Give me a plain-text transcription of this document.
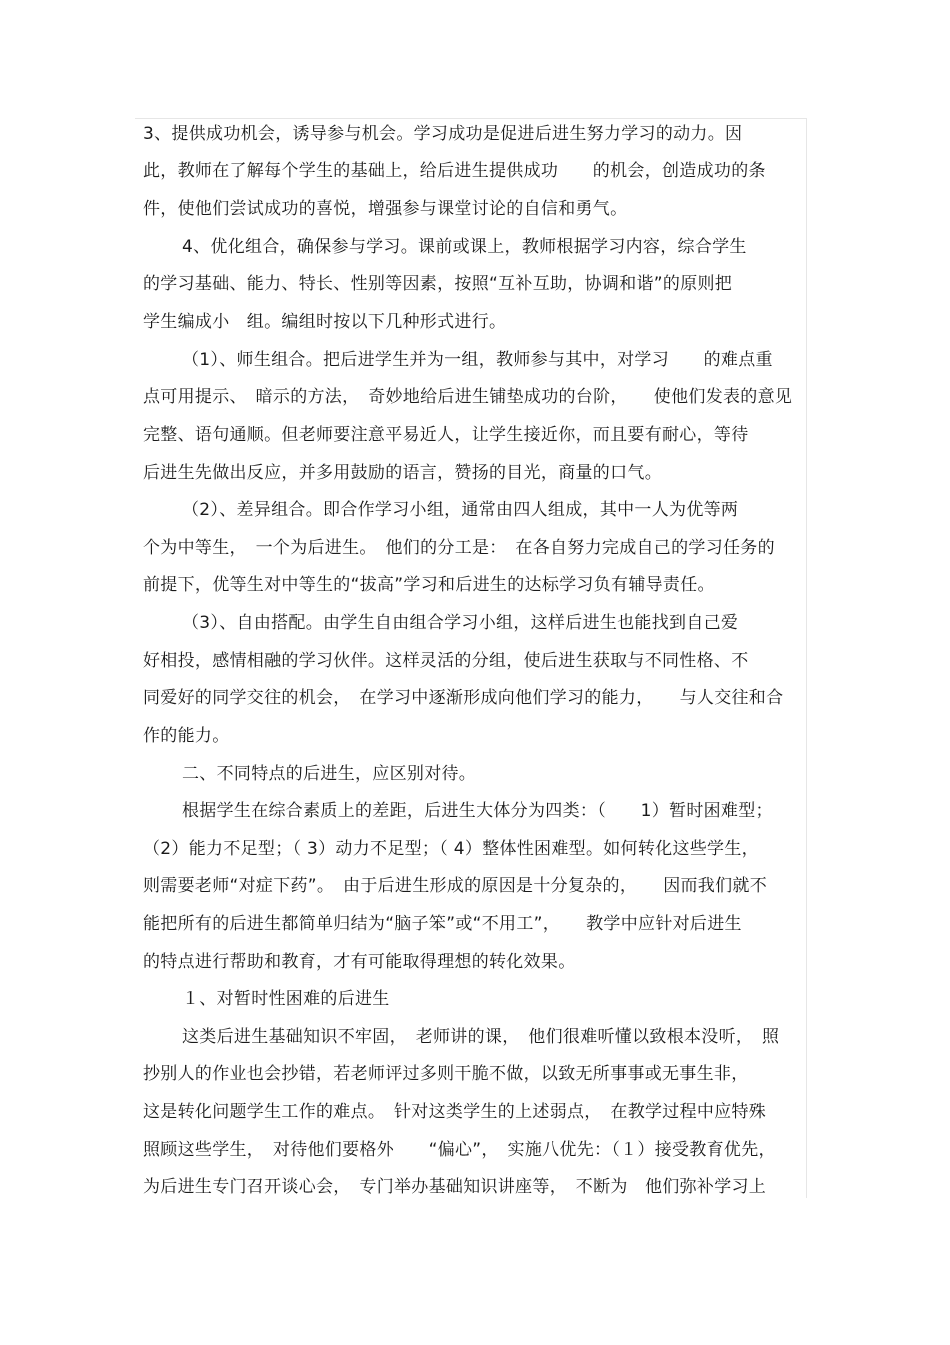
3、提供成功机会，诱导参与机会。学习成功是促进后进生努力学习的动力。因
此，教师在了解每个学生的基础上，给后进生提供成功　　的机会，创造成功的条
件，使他们尝试成功的喜悦，增强参与课堂讨论的自信和勇气。
4、优化组合，确保参与学习。课前或课上，教师根据学习内容，综合学生
的学习基础、能力、特长、性别等因素，按照“互补互助，协调和谐”的原则把
学生编成小　组。编组时按以下几种形式进行。
（1）、师生组合。把后进学生并为一组，教师参与其中，对学习　　的难点重
点可用提示、　暗示的方法，　奇妙地给后进生铺垫成功的台阶，　　使他们发表的意见
完整、语句通顺。但老师要注意平易近人，让学生接近你，而且要有耐心，等待
后进生先做出反应，并多用鼓励的语言，赞扬的目光，商量的口气。
（2）、差异组合。即合作学习小组，通常由四人组成，其中一人为优等两
个为中等生，　一个为后进生。　他们的分工是：　在各自努力完成自己的学习任务的
前提下，优等生对中等生的“拔高”学习和后进生的达标学习负有辅导责任。
（3）、自由搭配。由学生自由组合学习小组，这样后进生也能找到自己爱
好相投，感情相融的学习伙伴。这样灵活的分组，使后进生获取与不同性格、不
同爱好的同学交往的机会，　在学习中逐渐形成向他们学习的能力，　　与人交往和合
作的能力。
二、不同特点的后进生，应区别对待。
根据学生在综合素质上的差距，后进生大体分为四类：（　　1）暂时困难型；
（2）能力不足型；（ 3）动力不足型；（ 4）整体性困难型。如何转化这些学生，
则需要老师“对症下药”。　由于后进生形成的原因是十分复杂的，　　因而我们就不
能把所有的后进生都简单归结为“脑子笨”或“不用工”，　　教学中应针对后进生
的特点进行帮助和教育，才有可能取得理想的转化效果。
１、对暂时性困难的后进生
这类后进生基础知识不牢固，　老师讲的课，　他们很难听懂以致根本没听，　照
抄别人的作业也会抄错，若老师评过多则干脆不做，以致无所事事或无事生非，
这是转化问题学生工作的难点。　针对这类学生的上述弱点，　在教学过程中应特殊
照顾这些学生，　对待他们要格外　　“偏心”，　实施八优先：（１）接受教育优先，
为后进生专门召开谈心会，　专门举办基础知识讲座等，　不断为　他们弥补学习上
